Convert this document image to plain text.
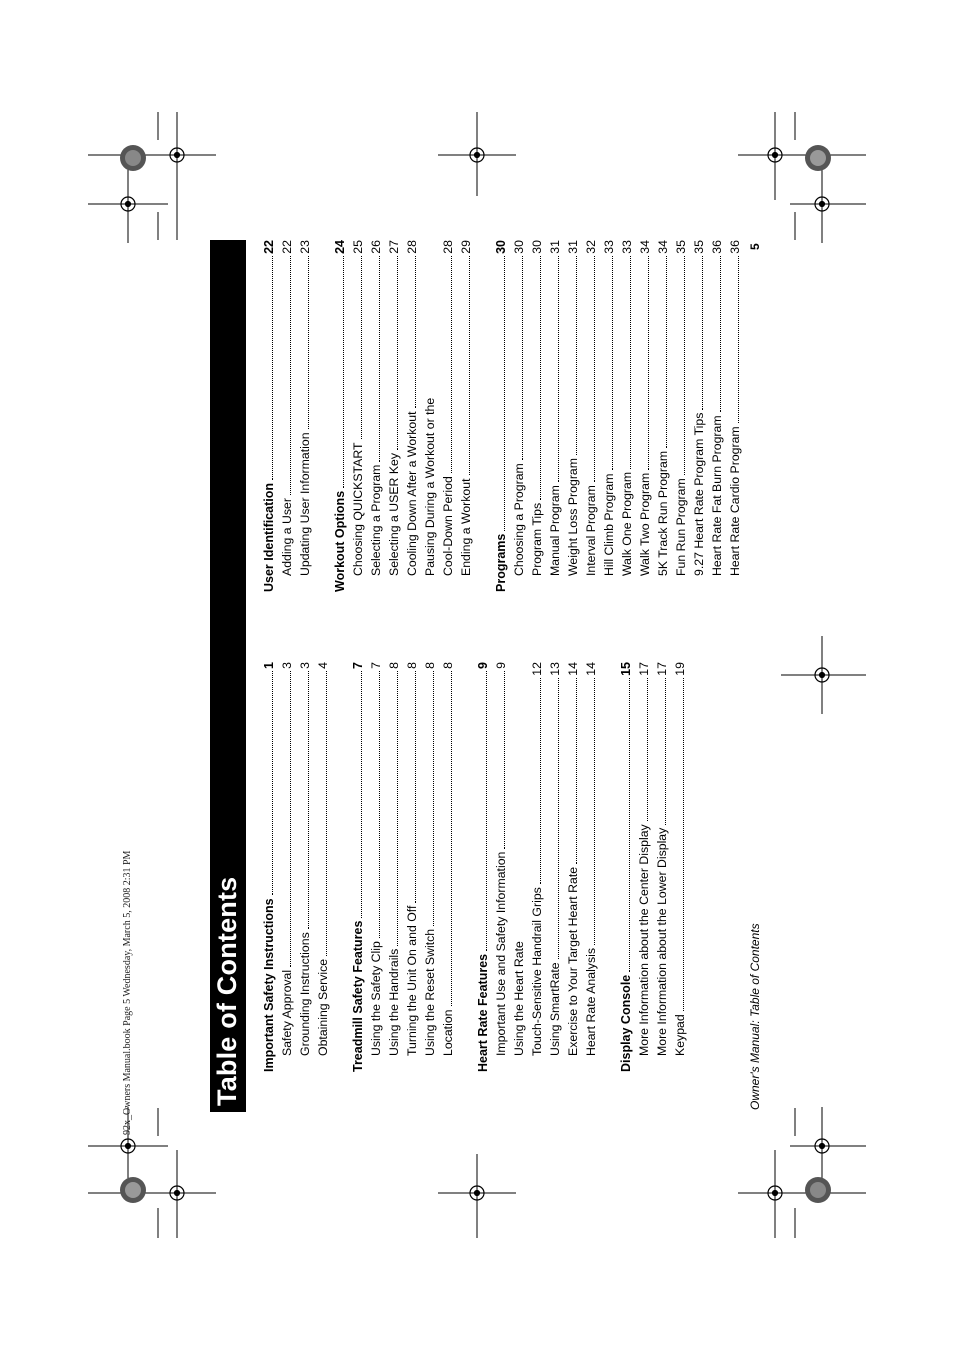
92x_Owners Manual.book Page 5 Wednesday, March 5, 2008 2:31 PM	Table of Contents Important Safety Instructions
1
Safety Approval
3
Grounding Instructions
3
Obtaining Service
4
Treadmill Safety Features
7
Using the Safety Clip
7
Using the Handrails
8
Turning the Unit On and Off
8
Using the Reset Switch
8
Location
8
Heart Rate Features
9
Important Use and Safety Information
9
Using the Heart Rate Touch-Sensitive Handrail Grips
12
Using SmartRate
13
Exercise to Your Target Heart Rate
14
Heart Rate Analysis
14
Display Console
15
More Information about the Center Display
17
More Information about the Lower Display
17
Keypad
19
User Identification
22
Adding a User
22
Updating User Information
23
Workout Options
24
Choosing QUICKSTART
25
Selecting a Program
26
Selecting a USER Key
27
Cooling Down After a Workout
28
Pausing During a Workout or the Cool-Down Period
28
Ending a Workout
29
Programs
30
Choosing a Program
30
Program Tips
30
Manual Program
31
Weight Loss Program
31
Interval Program
32
Hill Climb Program
33
Walk One Program
33
Walk Two Program
34
5K Track Run Program
34
Fun Run Program
35
9.27 Heart Rate Program Tips
35
Heart Rate Fat Burn Program
36
Heart Rate Cardio Program
36
Owner's Manual: Table of Contents
5
